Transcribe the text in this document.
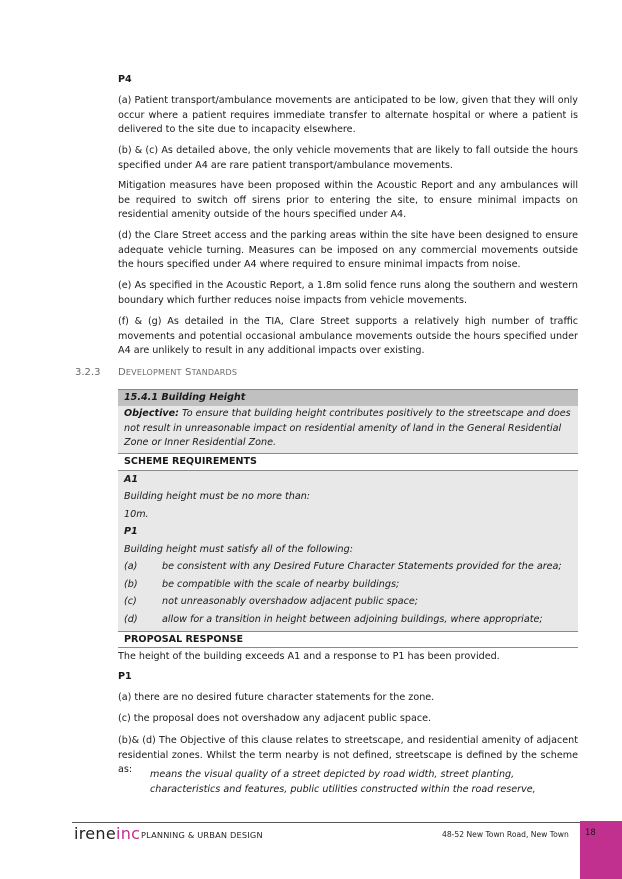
P4

(a) Patient transport/ambulance movements are anticipated to be low, given that they will only occur where a patient requires immediate transfer to alternate hospital or where a patient is delivered to the site due to incapacity elsewhere.

(b) & (c) As detailed above, the only vehicle movements that are likely to fall outside the hours specified under A4 are rare patient transport/ambulance movements.

Mitigation measures have been proposed within the Acoustic Report and any ambulances will be required to switch off sirens prior to entering the site, to ensure minimal impacts on residential amenity outside of the hours specified under A4.

(d) the Clare Street access and the parking areas within the site have been designed to ensure adequate vehicle turning. Measures can be imposed on any commercial movements outside the hours specified under A4 where required to ensure minimal impacts from noise.

(e) As specified in the Acoustic Report, a 1.8m solid fence runs along the southern and western boundary which further reduces noise impacts from vehicle movements.

(f) & (g) As detailed in the TIA, Clare Street supports a relatively high number of traffic movements and potential occasional ambulance movements outside the hours specified under A4 are unlikely to result in any additional impacts over existing.

3.2.3 DEVELOPMENT STANDARDS
15.4.1 Building Height
Objective: To ensure that building height contributes positively to the streetscape and does not result in unreasonable impact on residential amenity of land in the General Residential Zone or Inner Residential Zone.
SCHEME REQUIREMENTS
A1
Building height must be no more than:
10m.
P1
Building height must satisfy all of the following:
(a)	be consistent with any Desired Future Character Statements provided for the area;
(b)	be compatible with the scale of nearby buildings;
(c)	not unreasonably overshadow adjacent public space;
(d)	allow for a transition in height between adjoining buildings, where appropriate;
PROPOSAL RESPONSE

The height of the building exceeds A1 and a response to P1 has been provided.

P1

(a) there are no desired future character statements for the zone.

(c) the proposal does not overshadow any adjacent public space.

(b)& (d) The Objective of this clause relates to streetscape, and residential amenity of adjacent residential zones. Whilst the term nearby is not defined, streetscape is defined by the scheme as:	means the visual quality of a street depicted by road width, street planting, characteristics and features, public utilities constructed within the road reserve,

ireneinc PLANNING & URBAN DESIGN	48-52 New Town Road, New Town 18
